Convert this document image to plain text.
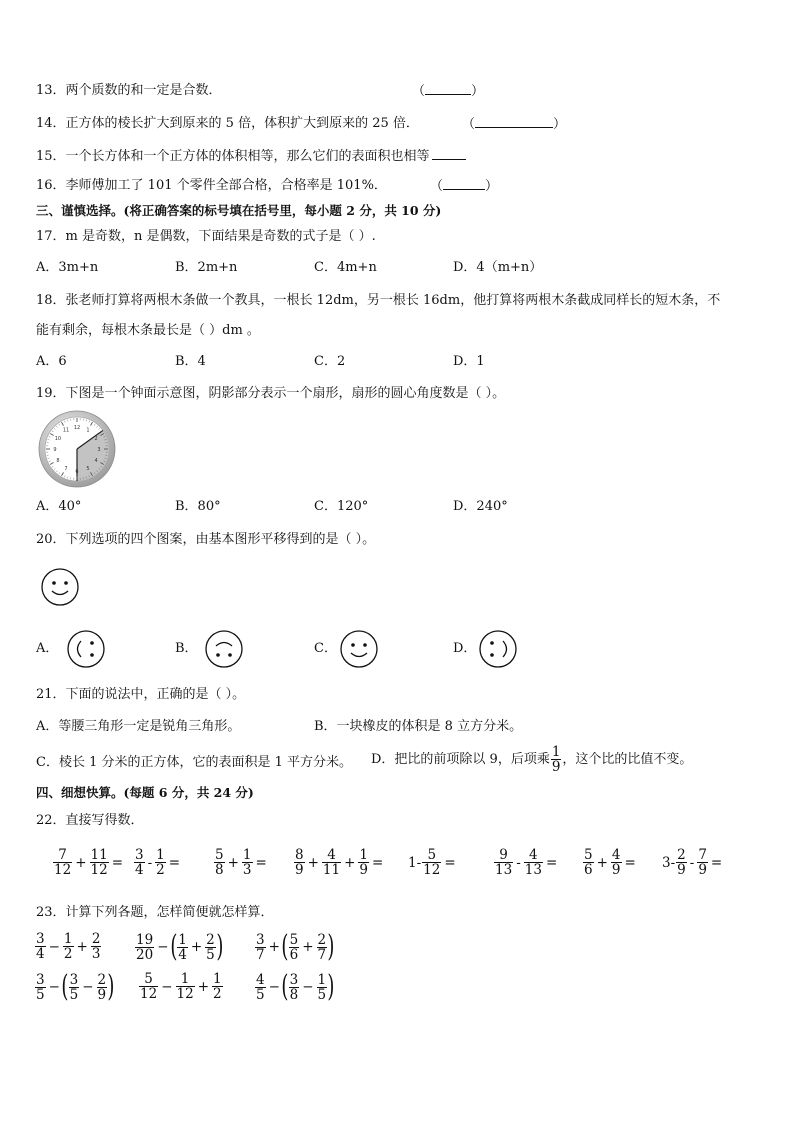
13．两个质数的和一定是合数．	（	）
14．正方体的棱长扩大到原来的 5 倍，体积扩大到原来的 25 倍．	（	）
15．一个长方体和一个正方体的体积相等，那么它们的表面积也相等
16．李师傅加工了 101 个零件全部合格，合格率是 101%．	（	）
三、谨慎选择。(将正确答案的标号填在括号里，每小题 2 分，共 10 分)
17．m 是奇数，n 是偶数，下面结果是奇数的式子是（ ）.
A．3m+n	B．2m+n	C．4m+n	D．4（m+n）
18．张老师打算将两根木条做一个教具，一根长 12dm，另一根长 16dm，他打算将两根木条截成同样长的短木条，不
能有剩余，每根木条最长是（ ）dm 。
A．6	B．4	C．2	D．1
19．下图是一个钟面示意图，阴影部分表示一个扇形，扇形的圆心角度数是（ ）。
12 1
2
3
4
5
6
7
8
9
10
11
A．40°	B．80°	C．120°	D．240°
20．下列选项的四个图案，由基本图形平移得到的是（ ）。
A．	B．	C．	D．
21．下面的说法中，正确的是（ ）。
A．等腰三角形一定是锐角三角形。	B．一块橡皮的体积是 8 立方分米。
C．棱长 1 分米的正方体，它的表面积是 1 平方分米。 D．把比的前项除以 9，后项乘 $\frac{1}{9}$ ，这个比的比值不变。
四、细想快算。(每题 6 分，共 24 分)
22．直接写得数．
$\frac{7}{12} + \frac{11}{12} = \frac{3}{4} - \frac{1}{2}$ =	$\frac{5}{8} + \frac{1}{3} = \frac{8}{9} + \frac{4}{11} + \frac{1}{9} = 1- \frac{5}{12}$ =	$\frac{9}{13} - \frac{4}{13} = \frac{5}{6} + \frac{4}{9} = 3- \frac{2}{9} - \frac{7}{9}$ =
23．计算下列各题，怎样简便就怎样算．
$\frac{3}{4} - \frac{1}{2} + \frac{2}{3} \frac{19}{20}$ − ( $\frac{1}{4} + \frac{2}{5}$ ) $\frac{3}{7}$ + ( $\frac{5}{6} + \frac{2}{7}$ )
$\frac{3}{5}$ − ( $\frac{3}{5} - \frac{2}{9}$ ) $\frac{5}{12} - \frac{1}{12} + \frac{1}{2} \frac{4}{5}$ − ( $\frac{3}{8} - \frac{1}{5}$ )
